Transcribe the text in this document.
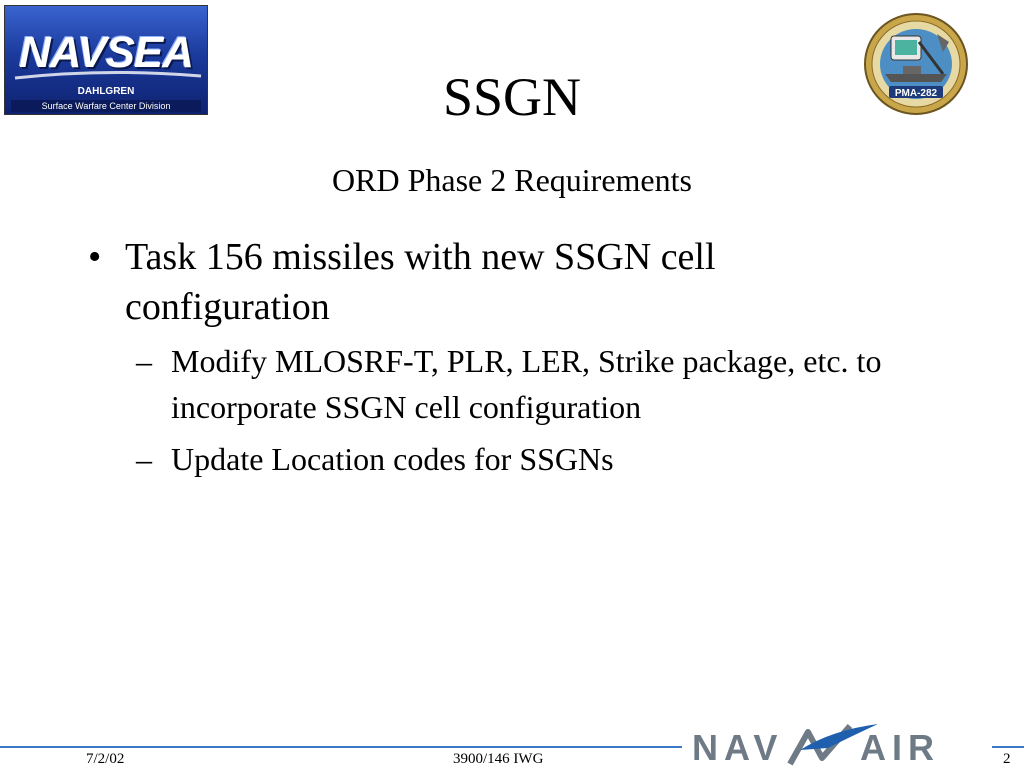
NAVSEA
DAHLGREN
Surface Warfare Center Division
PMA-282
SSGN
ORD Phase 2 Requirements
• Task 156 missiles with new SSGN cell configuration
– Modify MLOSRF-T, PLR, LER, Strike package, etc. to incorporate SSGN cell configuration
– Update Location codes for SSGNs
7/2/02	3900/146 IWG	2
NAV AIR
